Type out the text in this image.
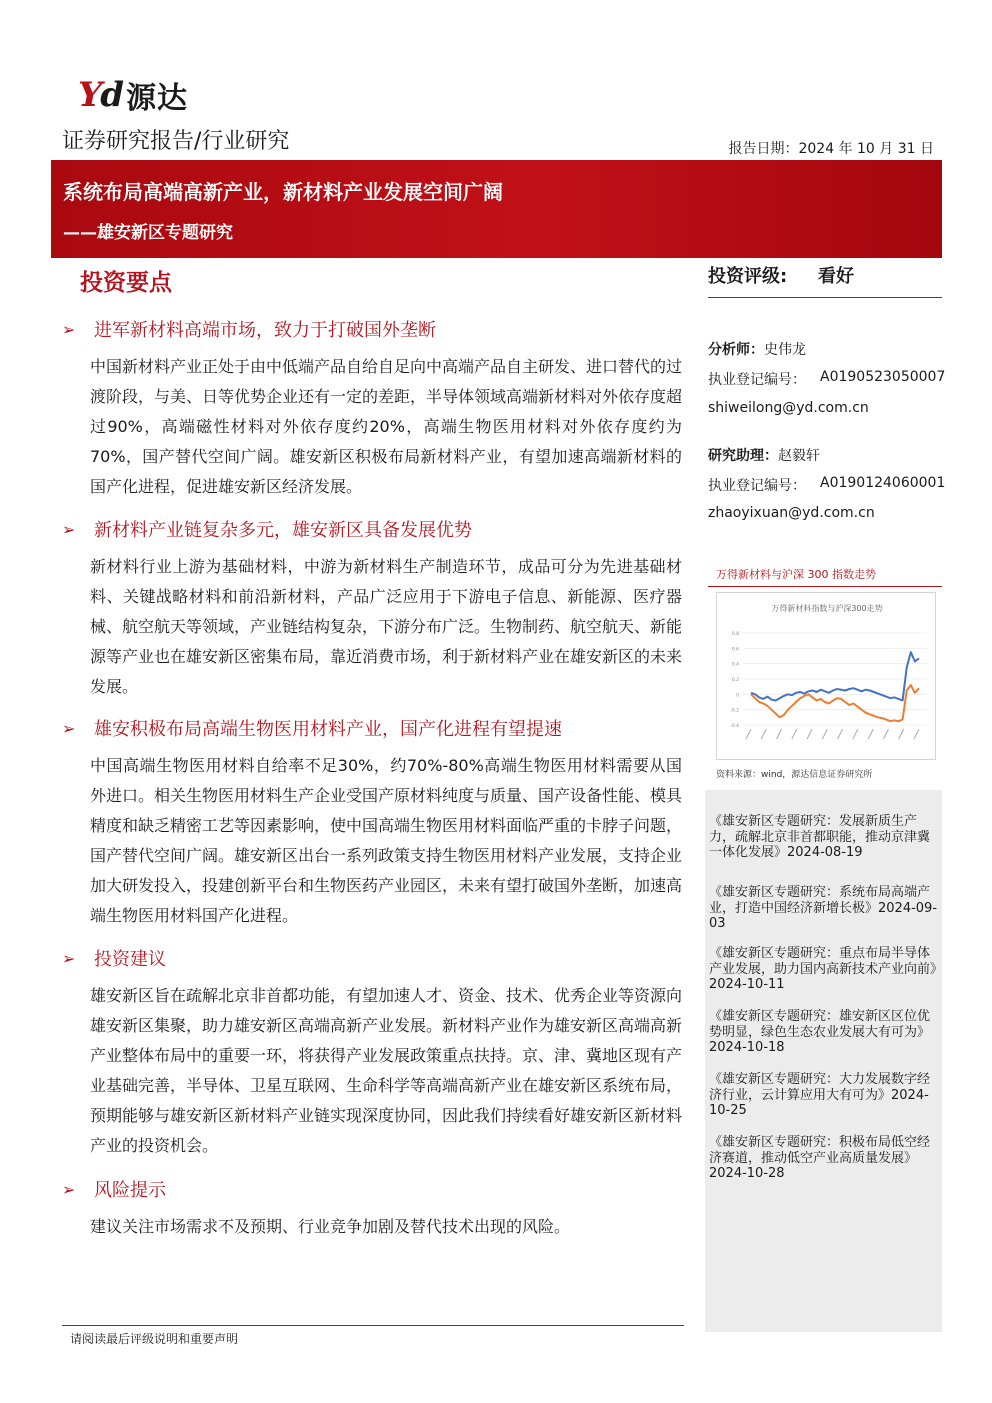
Yd 源达
证券研究报告/行业研究	报告日期：2024 年 10 月 31 日
系统布局高端高新产业，新材料产业发展空间广阔
——雄安新区专题研究
投资要点
➢	进军新材料高端市场，致力于打破国外垄断
中国新材料产业正处于由中低端产品自给自足向中高端产品自主研发、进口替代的过渡阶段，与美、日等优势企业还有一定的差距，半导体领域高端新材料对外依存度超过90%，高端磁性材料对外依存度约20%，高端生物医用材料对外依存度约为70%，国产替代空间广阔。雄安新区积极布局新材料产业，有望加速高端新材料的国产化进程，促进雄安新区经济发展。
➢	新材料产业链复杂多元，雄安新区具备发展优势
新材料行业上游为基础材料，中游为新材料生产制造环节，成品可分为先进基础材料、关键战略材料和前沿新材料，产品广泛应用于下游电子信息、新能源、医疗器械、航空航天等领域，产业链结构复杂，下游分布广泛。生物制药、航空航天、新能源等产业也在雄安新区密集布局，靠近消费市场，利于新材料产业在雄安新区的未来发展。
➢	雄安积极布局高端生物医用材料产业，国产化进程有望提速
中国高端生物医用材料自给率不足30%，约70%-80%高端生物医用材料需要从国外进口。相关生物医用材料生产企业受国产原材料纯度与质量、国产设备性能、模具精度和缺乏精密工艺等因素影响，使中国高端生物医用材料面临严重的卡脖子问题，国产替代空间广阔。雄安新区出台一系列政策支持生物医用材料产业发展，支持企业加大研发投入，投建创新平台和生物医药产业园区，未来有望打破国外垄断，加速高端生物医用材料国产化进程。
➢	投资建议
雄安新区旨在疏解北京非首都功能，有望加速人才、资金、技术、优秀企业等资源向雄安新区集聚，助力雄安新区高端高新产业发展。新材料产业作为雄安新区高端高新产业整体布局中的重要一环，将获得产业发展政策重点扶持。京、津、冀地区现有产业基础完善，半导体、卫星互联网、生命科学等高端高新产业在雄安新区系统布局，预期能够与雄安新区新材料产业链实现深度协同，因此我们持续看好雄安新区新材料产业的投资机会。
➢	风险提示
建议关注市场需求不及预期、行业竞争加剧及替代技术出现的风险。
投资评级: 看好
分析师：史伟龙
执业登记编号： A0190523050007
shiweilong@yd.com.cn
研究助理：赵毅轩
执业登记编号： A0190124060001
zhaoyixuan@yd.com.cn
万得新材料与沪深 300 指数走势
万得新材料指数与沪深300走势
0.8
0.6
0.4
0.2
0
-0.2
-0.4
资料来源：wind，源达信息证券研究所
《雄安新区专题研究：发展新质生产力，疏解北京非首都职能，推动京津冀一体化发展》2024-08-19
《雄安新区专题研究：系统布局高端产业，打造中国经济新增长极》2024-09-03
《雄安新区专题研究：重点布局半导体产业发展，助力国内高新技术产业向前》2024-10-11
《雄安新区专题研究：雄安新区区位优势明显，绿色生态农业发展大有可为》2024-10-18
《雄安新区专题研究：大力发展数字经济行业，云计算应用大有可为》2024-10-25
《雄安新区专题研究：积极布局低空经济赛道，推动低空产业高质量发展》2024-10-28
请阅读最后评级说明和重要声明
